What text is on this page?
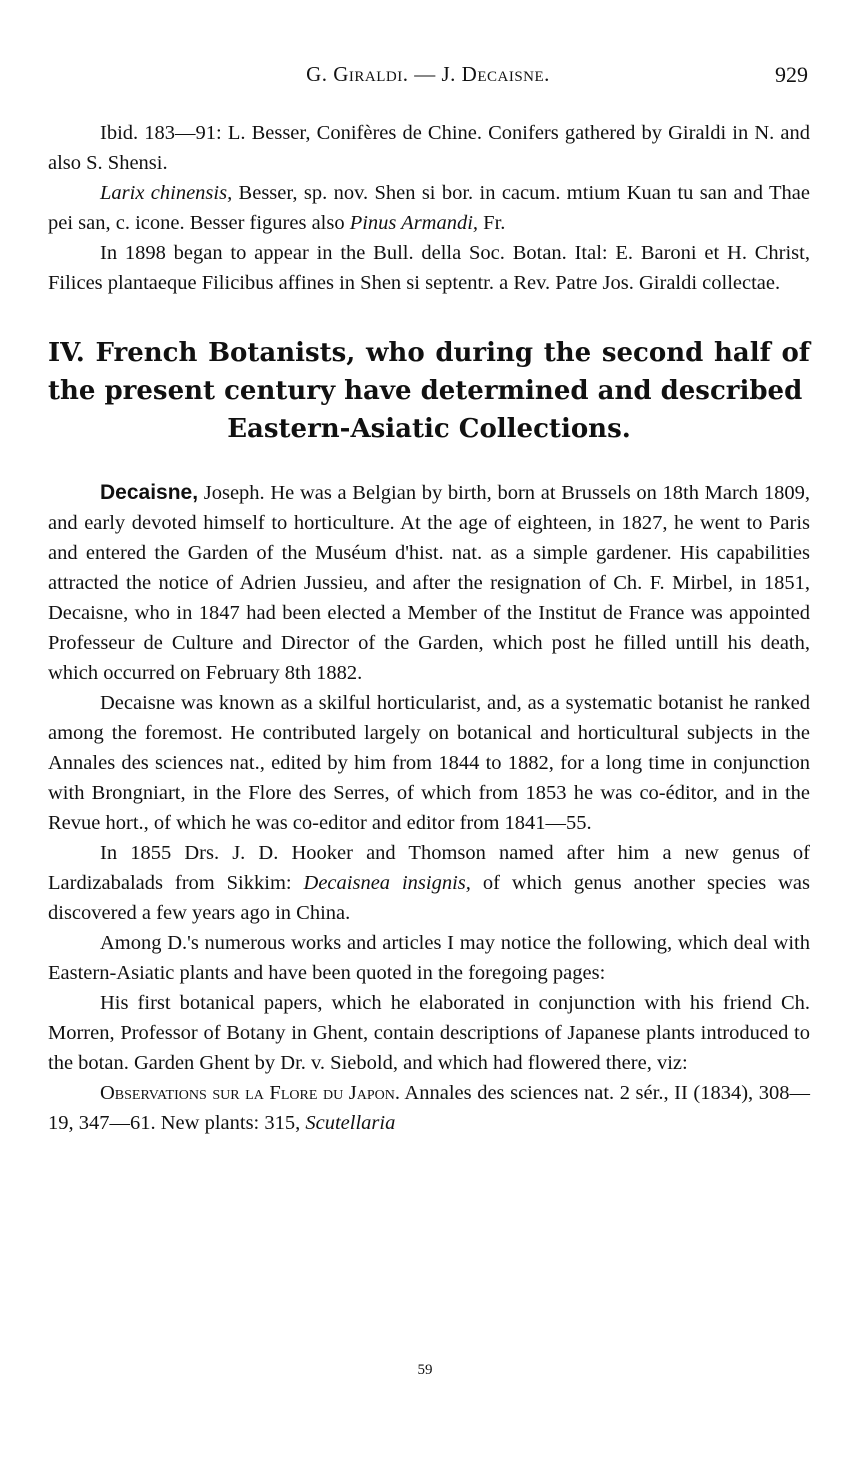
G. Giraldi. — J. Decaisne.	929

Ibid. 183—91: L. Besser, Conifères de Chine. Conifers gathered by Giraldi in N. and also S. Shensi.

Larix chinensis, Besser, sp. nov. Shen si bor. in cacum. mtium Kuan tu san and Thae pei san, c. icone. Besser figures also Pinus Armandi, Fr.

In 1898 began to appear in the Bull. della Soc. Botan. Ital: E. Baroni et H. Christ, Filices plantaeque Filicibus affines in Shen si septentr. a Rev. Patre Jos. Giraldi collectae.

IV. French Botanists, who during the second half of the present century have determined and described
Eastern-Asiatic Collections.

Decaisne, Joseph. He was a Belgian by birth, born at Brussels on 18th March 1809, and early devoted himself to horticulture. At the age of eighteen, in 1827, he went to Paris and entered the Garden of the Muséum d'hist. nat. as a simple gardener. His capabilities attracted the notice of Adrien Jussieu, and after the resignation of Ch. F. Mirbel, in 1851, Decaisne, who in 1847 had been elected a Member of the Institut de France was appointed Professeur de Culture and Director of the Garden, which post he filled untill his death, which occurred on February 8th 1882.

Decaisne was known as a skilful horticularist, and, as a systematic botanist he ranked among the foremost. He contributed largely on botanical and horticultural subjects in the Annales des sciences nat., edited by him from 1844 to 1882, for a long time in conjunction with Brongniart, in the Flore des Serres, of which from 1853 he was co-éditor, and in the Revue hort., of which he was co-editor and editor from 1841—55.

In 1855 Drs. J. D. Hooker and Thomson named after him a new genus of Lardizabalads from Sikkim: Decaisnea insignis, of which genus another species was discovered a few years ago in China.

Among D.'s numerous works and articles I may notice the following, which deal with Eastern-Asiatic plants and have been quoted in the foregoing pages:

His first botanical papers, which he elaborated in conjunction with his friend Ch. Morren, Professor of Botany in Ghent, contain descriptions of Japanese plants introduced to the botan. Garden Ghent by Dr. v. Siebold, and which had flowered there, viz:

Observations sur la Flore du Japon. Annales des sciences nat. 2 sér., II (1834), 308—19, 347—61. New plants: 315, Scutellaria

59
